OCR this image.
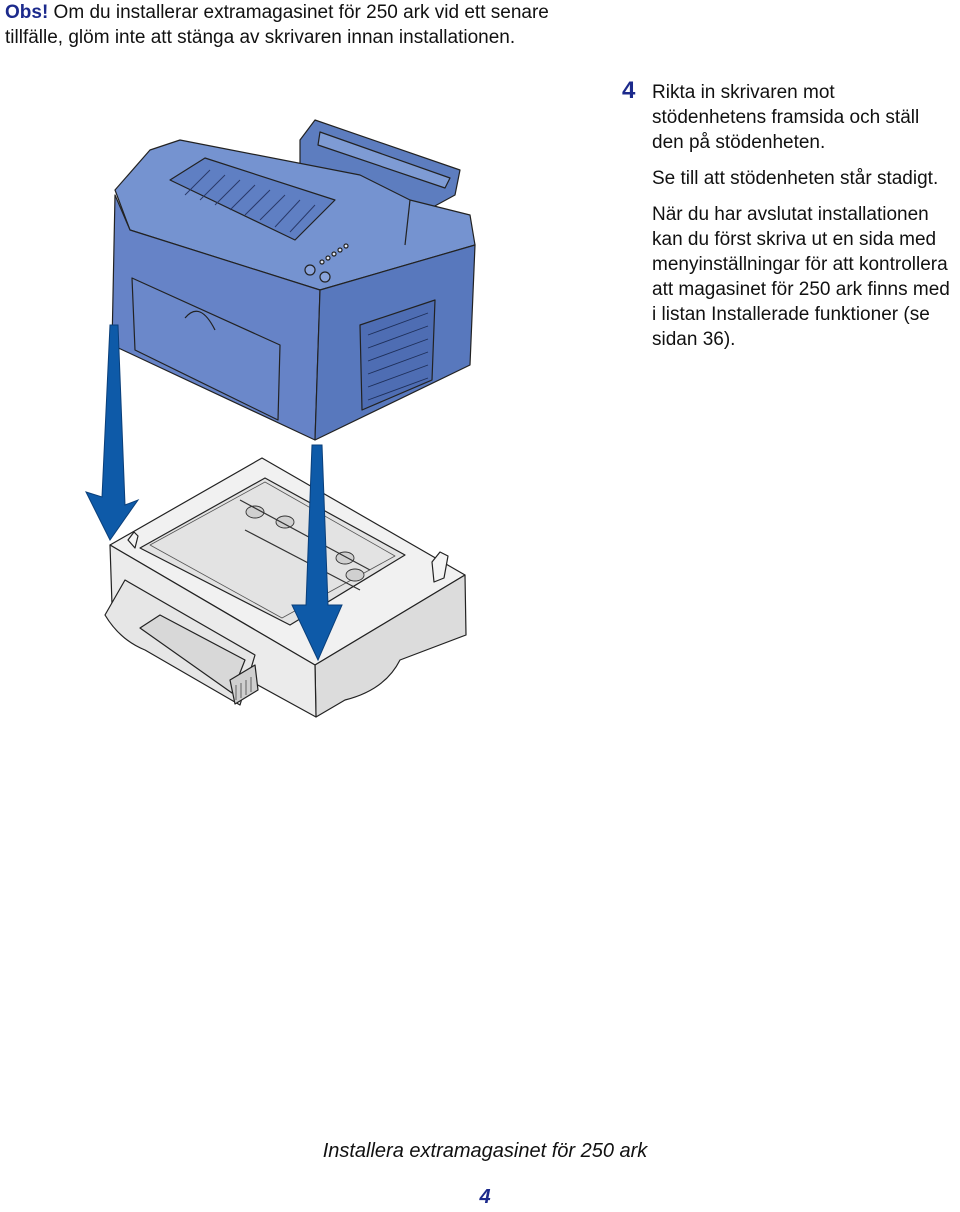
Obs! Om du installerar extramagasinet för 250 ark vid ett senare tillfälle, glöm inte att stänga av skrivaren innan installationen.
4 Rikta in skrivaren mot stödenhetens framsida och ställ den på stödenheten.

Se till att stödenheten står stadigt.

När du har avslutat installationen kan du först skriva ut en sida med menyinställningar för att kontrollera att magasinet för 250 ark finns med i listan Installerade funktioner (se sidan 36).

Installera extramagasinet för 250 ark
4
